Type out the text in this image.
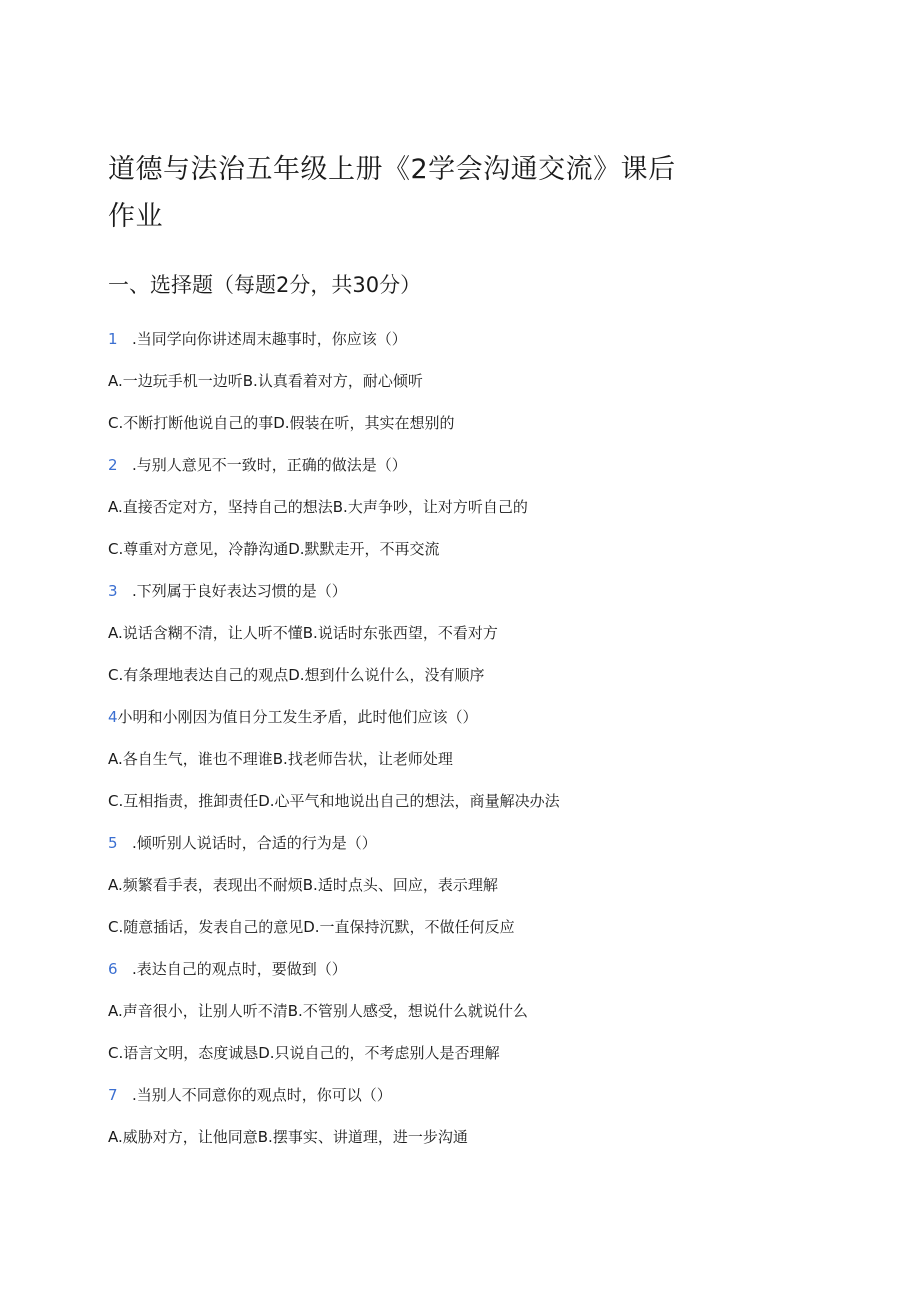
道德与法治五年级上册《2学会沟通交流》课后
作业
一、选择题（每题2分，共30分）
1 .当同学向你讲述周末趣事时，你应该（）
A.一边玩手机一边听B.认真看着对方，耐心倾听
C.不断打断他说自己的事D.假装在听，其实在想别的
2 .与别人意见不一致时，正确的做法是（）
A.直接否定对方，坚持自己的想法B.大声争吵，让对方听自己的
C.尊重对方意见，冷静沟通D.默默走开，不再交流
3 .下列属于良好表达习惯的是（）
A.说话含糊不清，让人听不懂B.说话时东张西望，不看对方
C.有条理地表达自己的观点D.想到什么说什么，没有顺序
4小明和小刚因为值日分工发生矛盾，此时他们应该（）
A.各自生气，谁也不理谁B.找老师告状，让老师处理
C.互相指责，推卸责任D.心平气和地说出自己的想法，商量解决办法
5 .倾听别人说话时，合适的行为是（）
A.频繁看手表，表现出不耐烦B.适时点头、回应，表示理解
C.随意插话，发表自己的意见D.一直保持沉默，不做任何反应
6 .表达自己的观点时，要做到（）
A.声音很小，让别人听不清B.不管别人感受，想说什么就说什么
C.语言文明，态度诚恳D.只说自己的，不考虑别人是否理解
7 .当别人不同意你的观点时，你可以（）
A.威胁对方，让他同意B.摆事实、讲道理，进一步沟通
